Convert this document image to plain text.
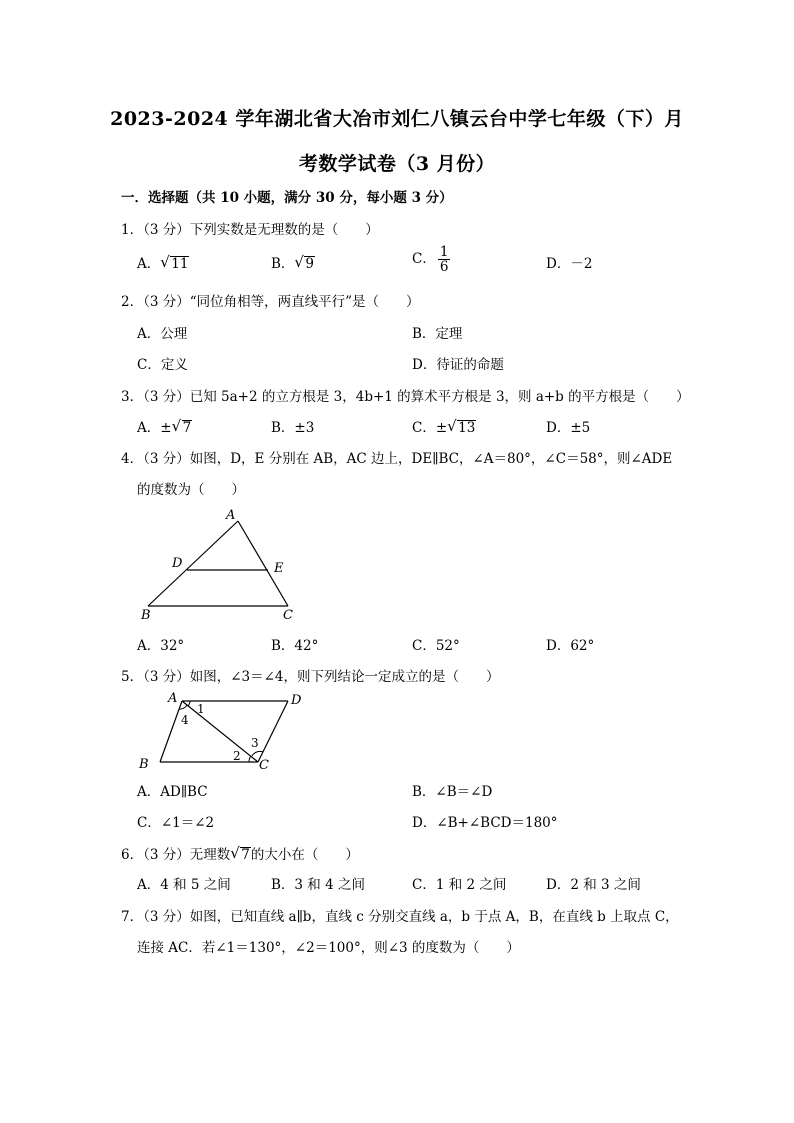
2023-2024 学年湖北省大冶市刘仁八镇云台中学七年级（下）月
考数学试卷（3 月份）
一．选择题（共 10 小题，满分 30 分，每小题 3 分）
1．（3 分）下列实数是无理数的是（　　）
A． √ 11	B． √ 9	C． $\frac{1}{6}$	D．－2
2．（3 分）“同位角相等，两直线平行”是（　　）
A．公理	B．定理
C．定义	D．待证的命题
3．（3 分）已知 5a+2 的立方根是 3，4b+1 的算术平方根是 3，则 a+b 的平方根是（　　）
A．± √ 7	B．±3	C．± √ 13	D．±5
4．（3 分）如图，D，E 分别在 AB，AC 边上，DE∥BC，∠A＝80°，∠C＝58°，则∠ADE
的度数为（　　）
A
D	E
B	C
A．32°	B．42°	C．52°	D．62°
5．（3 分）如图，∠3＝∠4，则下列结论一定成立的是（　　）
A	D
B	C
1
4
2
3
A．AD∥BC	B．∠B＝∠D
C．∠1＝∠2	D．∠B+∠BCD＝180°
6．（3 分）无理数 √ 7的大小在（　　）
A．4 和 5 之间	B．3 和 4 之间	C．1 和 2 之间	D．2 和 3 之间
7．（3 分）如图，已知直线 a∥b，直线 c 分别交直线 a，b 于点 A，B，在直线 b 上取点 C，
连接 AC．若∠1＝130°，∠2＝100°，则∠3 的度数为（　　）
